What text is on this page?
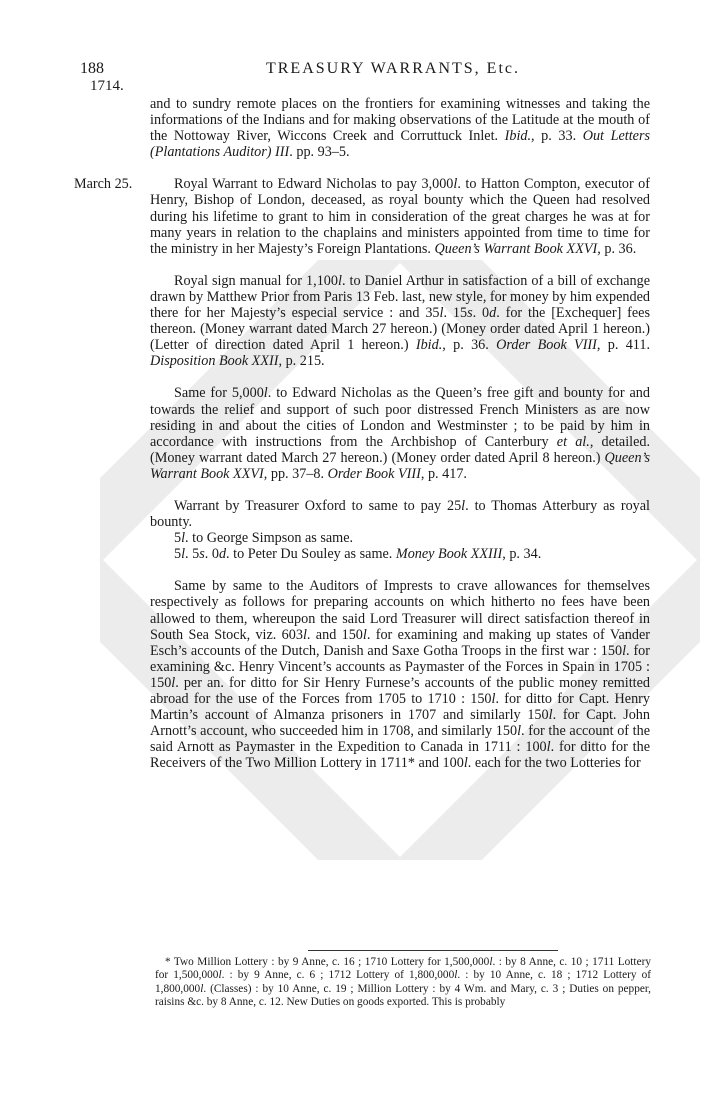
188
1714.
TREASURY WARRANTS, Etc.

and to sundry remote places on the frontiers for examining witnesses and taking the informations of the Indians and for making observations of the Latitude at the mouth of the Nottoway River, Wiccons Creek and Corruttuck Inlet. Ibid., p. 33. Out Letters (Plantations Auditor) III. pp. 93–5.

March 25.	Royal Warrant to Edward Nicholas to pay 3,000l. to Hatton Compton, executor of Henry, Bishop of London, deceased, as royal bounty which the Queen had resolved during his lifetime to grant to him in consideration of the great charges he was at for many years in relation to the chaplains and ministers appointed from time to time for the ministry in her Majesty’s Foreign Plantations. Queen’s Warrant Book XXVI, p. 36.

Royal sign manual for 1,100l. to Daniel Arthur in satisfaction of a bill of exchange drawn by Matthew Prior from Paris 13 Feb. last, new style, for money by him expended there for her Majesty’s especial service : and 35l. 15s. 0d. for the [Exchequer] fees thereon. (Money warrant dated March 27 hereon.) (Money order dated April 1 hereon.) (Letter of direction dated April 1 hereon.) Ibid., p. 36. Order Book VIII, p. 411. Disposition Book XXII, p. 215.

Same for 5,000l. to Edward Nicholas as the Queen’s free gift and bounty for and towards the relief and support of such poor distressed French Ministers as are now residing in and about the cities of London and Westminster ; to be paid by him in accordance with instructions from the Archbishop of Canterbury et al., detailed. (Money warrant dated March 27 hereon.) (Money order dated April 8 hereon.) Queen’s Warrant Book XXVI, pp. 37–8. Order Book VIII, p. 417.

Warrant by Treasurer Oxford to same to pay 25l. to Thomas Atterbury as royal bounty.

5l. to George Simpson as same.

5l. 5s. 0d. to Peter Du Souley as same. Money Book XXIII, p. 34.

Same by same to the Auditors of Imprests to crave allowances for themselves respectively as follows for preparing accounts on which hitherto no fees have been allowed to them, whereupon the said Lord Treasurer will direct satisfaction thereof in South Sea Stock, viz. 603l. and 150l. for examining and making up states of Vander Esch’s accounts of the Dutch, Danish and Saxe Gotha Troops in the first war : 150l. for examining &c. Henry Vincent’s accounts as Paymaster of the Forces in Spain in 1705 : 150l. per an. for ditto for Sir Henry Furnese’s accounts of the public money remitted abroad for the use of the Forces from 1705 to 1710 : 150l. for ditto for Capt. Henry Martin’s account of Almanza prisoners in 1707 and similarly 150l. for Capt. John Arnott’s account, who succeeded him in 1708, and similarly 150l. for the account of the said Arnott as Paymaster in the Expedition to Canada in 1711 : 100l. for ditto for the Receivers of the Two Million Lottery in 1711* and 100l. each for the two Lotteries for

* Two Million Lottery : by 9 Anne, c. 16 ; 1710 Lottery for 1,500,000l. : by 8 Anne, c. 10 ; 1711 Lottery for 1,500,000l. : by 9 Anne, c. 6 ; 1712 Lottery of 1,800,000l. : by 10 Anne, c. 18 ; 1712 Lottery of 1,800,000l. (Classes) : by 10 Anne, c. 19 ; Million Lottery : by 4 Wm. and Mary, c. 3 ; Duties on pepper, raisins &c. by 8 Anne, c. 12. New Duties on goods exported. This is probably
